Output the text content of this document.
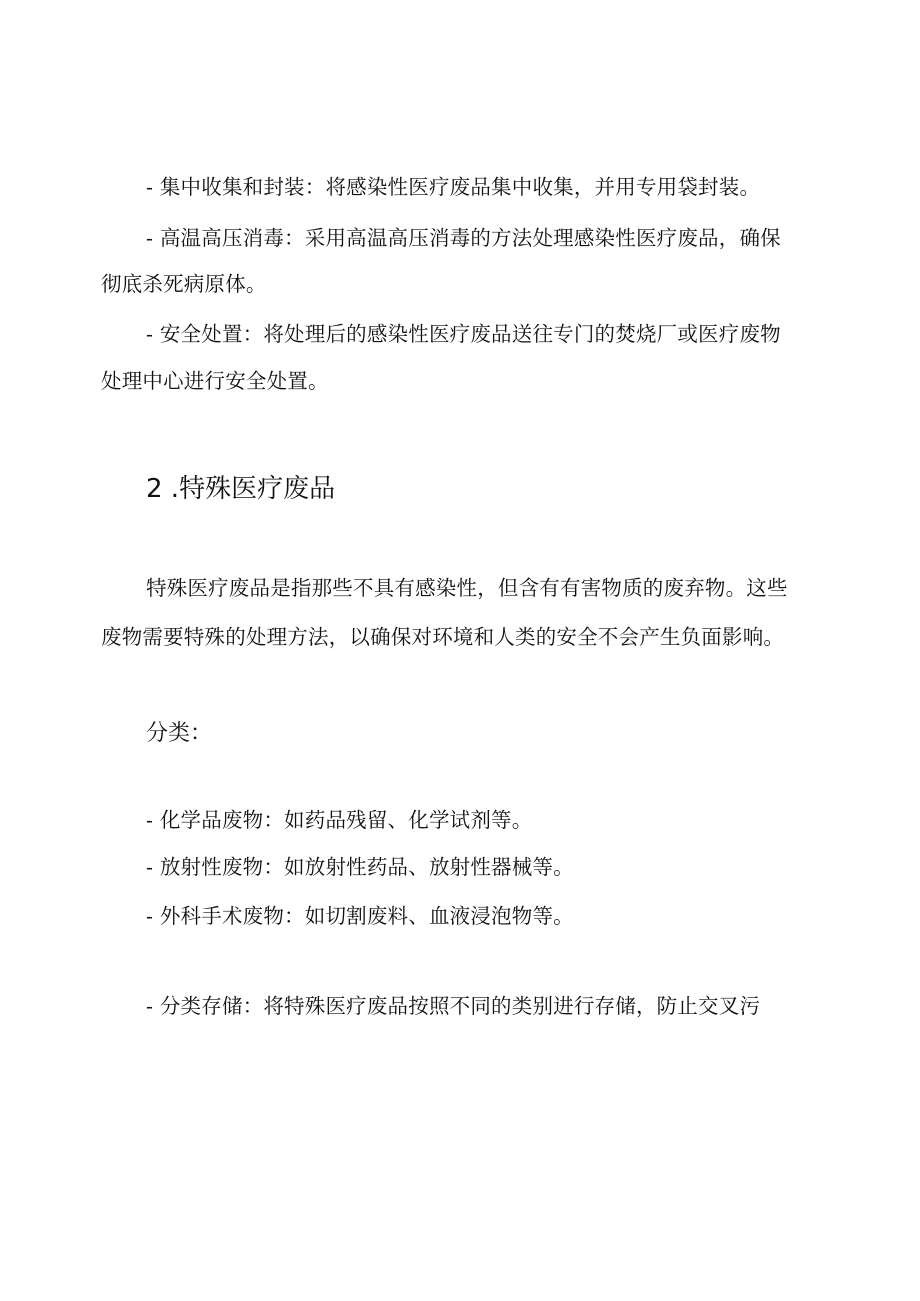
- 集中收集和封装：将感染性医疗废品集中收集，并用专用袋封装。
- 高温高压消毒：采用高温高压消毒的方法处理感染性医疗废品，确保
彻底杀死病原体。
- 安全处置：将处理后的感染性医疗废品送往专门的焚烧厂或医疗废物
处理中心进行安全处置。
2 .特殊医疗废品
特殊医疗废品是指那些不具有感染性，但含有有害物质的废弃物。这些
废物需要特殊的处理方法，以确保对环境和人类的安全不会产生负面影响。
分类：
- 化学品废物：如药品残留、化学试剂等。
- 放射性废物：如放射性药品、放射性器械等。
- 外科手术废物：如切割废料、血液浸泡物等。
- 分类存储：将特殊医疗废品按照不同的类别进行存储，防止交叉污
